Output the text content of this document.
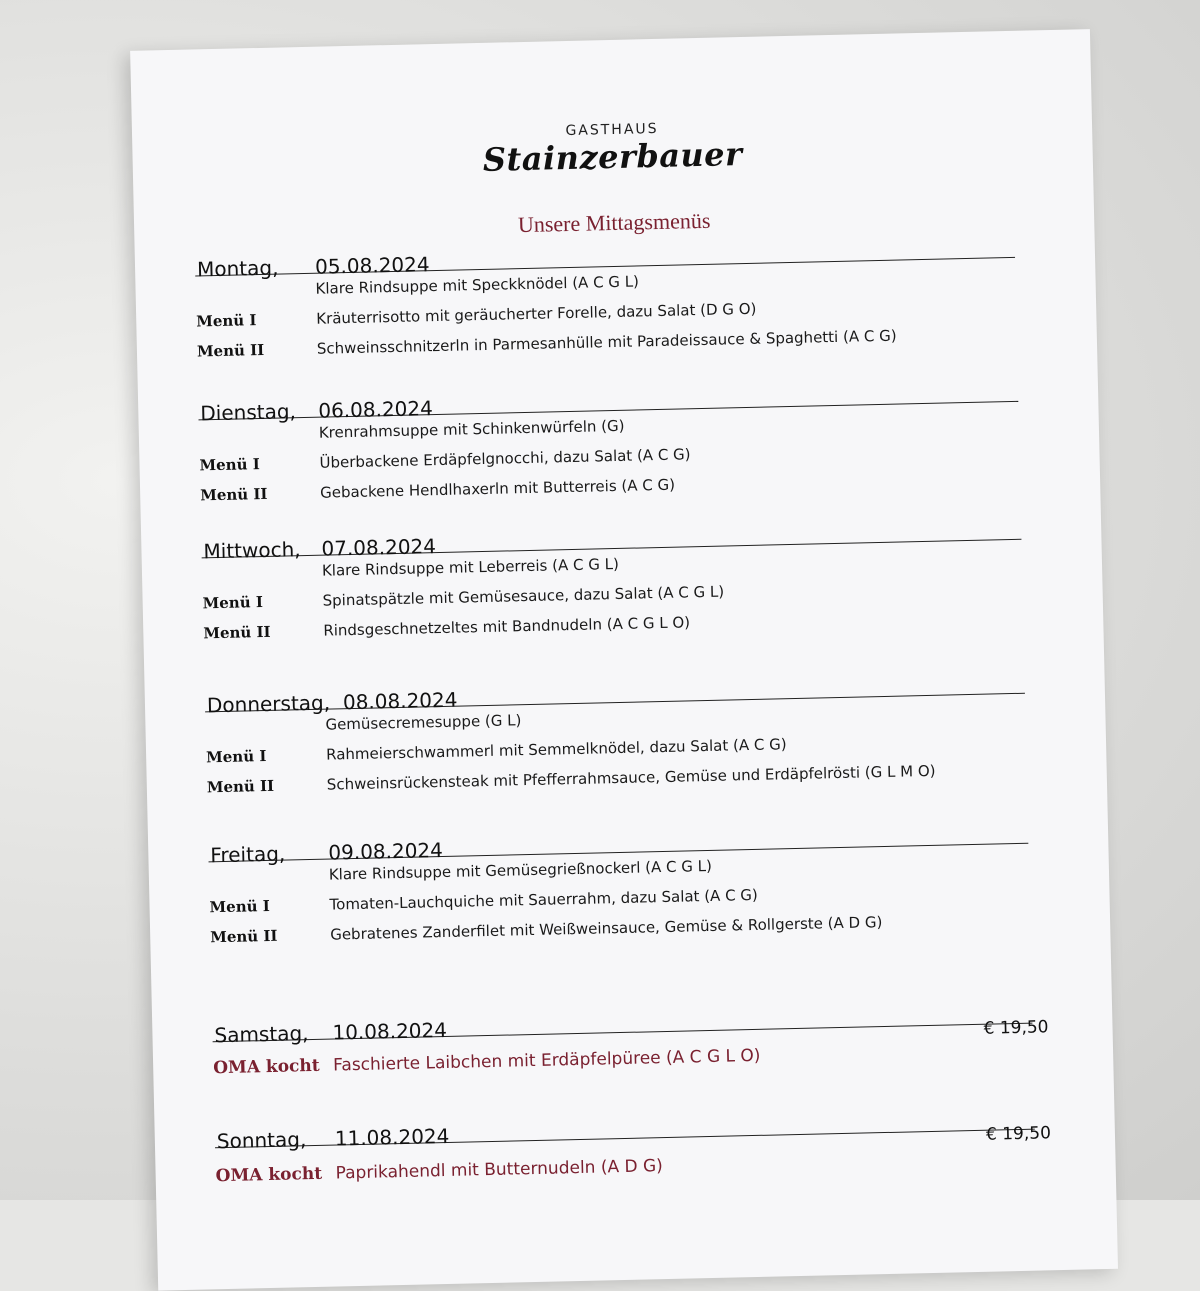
GASTHAUS
Stainzerbauer
Unsere Mittagsmenüs
Montag, 05.08.2024
Klare Rindsuppe mit Speckknödel (A C G L)
Menü I	Kräuterrisotto mit geräucherter Forelle, dazu Salat (D G O)
Menü II	Schweinsschnitzerln in Parmesanhülle mit Paradeissauce & Spaghetti (A C G)
Dienstag, 06.08.2024
Krenrahmsuppe mit Schinkenwürfeln (G)
Menü I	Überbackene Erdäpfelgnocchi, dazu Salat (A C G)
Menü II	Gebackene Hendlhaxerln mit Butterreis (A C G)
Mittwoch, 07.08.2024
Klare Rindsuppe mit Leberreis (A C G L)
Menü I	Spinatspätzle mit Gemüsesauce, dazu Salat (A C G L)
Menü II	Rindsgeschnetzeltes mit Bandnudeln (A C G L O)
Donnerstag, 08.08.2024
Gemüsecremesuppe (G L)
Menü I	Rahmeierschwammerl mit Semmelknödel, dazu Salat (A C G)
Menü II	Schweinsrückensteak mit Pfefferrahmsauce, Gemüse und Erdäpfelrösti (G L M O)
Freitag, 09.08.2024
Klare Rindsuppe mit Gemüsegrießnockerl (A C G L)
Menü I	Tomaten-Lauchquiche mit Sauerrahm, dazu Salat (A C G)
Menü II	Gebratenes Zanderfilet mit Weißweinsauce, Gemüse & Rollgerste (A D G)
Samstag, 10.08.2024
OMA kocht Faschierte Laibchen mit Erdäpfelpüree (A C G L O)
€ 19,50
Sonntag, 11.08.2024
OMA kocht Paprikahendl mit Butternudeln (A D G)
€ 19,50
